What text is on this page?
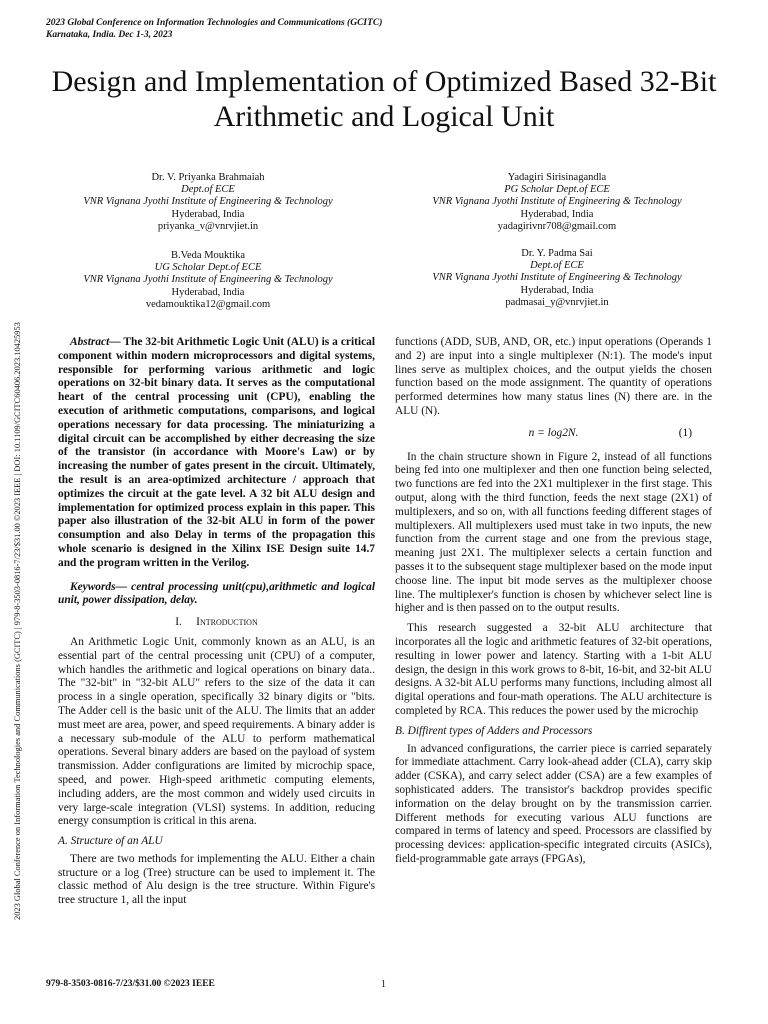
2023 Global Conference on Information Technologies and Communications (GCITC)
Karnataka, India. Dec 1-3, 2023
2023 Global Conference on Information Technologies and Communications (GCITC) | 979-8-3503-0816-7/23/$31.00 ©2023 IEEE | DOI: 10.1109/GCITC60406.2023.10425953
Design and Implementation of Optimized Based 32-Bit Arithmetic and Logical Unit
Dr. V. Priyanka Brahmaiah
Dept.of ECE
VNR Vignana Jyothi Institute of Engineering & Technology
Hyderabad, India
priyanka_v@vnrvjiet.in
Yadagiri Sirisinagandla
PG Scholar Dept.of ECE
VNR Vignana Jyothi Institute of Engineering & Technology
Hyderabad, India
yadagirivnr708@gmail.com
B.Veda Mouktika
UG Scholar Dept.of ECE
VNR Vignana Jyothi Institute of Engineering & Technology
Hyderabad, India
vedamouktika12@gmail.com
Dr. Y. Padma Sai
Dept.of ECE
VNR Vignana Jyothi Institute of Engineering & Technology
Hyderabad, India
padmasai_y@vnrvjiet.in

Abstract— The 32-bit Arithmetic Logic Unit (ALU) is a critical component within modern microprocessors and digital systems, responsible for performing various arithmetic and logic operations on 32-bit binary data. It serves as the computational heart of the central processing unit (CPU), enabling the execution of arithmetic computations, comparisons, and logical operations necessary for data processing. The miniaturizing a digital circuit can be accomplished by either decreasing the size of the transistor (in accordance with Moore's Law) or by increasing the number of gates present in the circuit. Ultimately, the result is an area-optimized architecture / approach that optimizes the circuit at the gate level. A 32 bit ALU design and implementation for optimized process explain in this paper. This paper also illustration of the 32-bit ALU in form of the power consumption and also Delay in terms of the propagation this whole scenario is designed in the Xilinx ISE Design suite 14.7 and the program written in the Verilog.

Keywords— central processing unit(cpu),arithmetic and logical unit, power dissipation, delay.

I. Introduction

An Arithmetic Logic Unit, commonly known as an ALU, is an essential part of the central processing unit (CPU) of a computer, which handles the arithmetic and logical operations on binary data.. The "32-bit" in "32-bit ALU" refers to the size of the data it can process in a single operation, specifically 32 binary digits or "bits. The Adder cell is the basic unit of the ALU. The limits that an adder must meet are area, power, and speed requirements. A binary adder is a necessary sub-module of the ALU to perform mathematical operations. Several binary adders are based on the payload of system transmission. Adder configurations are limited by microchip space, speed, and power. High-speed arithmetic computing elements, including adders, are the most common and widely used circuits in very large-scale integration (VLSI) systems. In addition, reducing energy consumption is critical in this arena.

A. Structure of an ALU

There are two methods for implementing the ALU. Either a chain structure or a log (Tree) structure can be used to implement it. The classic method of Alu design is the tree structure. Within Figure's tree structure 1, all the input

functions (ADD, SUB, AND, OR, etc.) input operations (Operands 1 and 2) are input into a single multiplexer (N:1). The mode's input lines serve as multiplex choices, and the output yields the chosen function based on the mode assignment. The quantity of operations performed determines how many status lines (N) there are. in the ALU (N).

n = log2N.	(1)

In the chain structure shown in Figure 2, instead of all functions being fed into one multiplexer and then one function being selected, two functions are fed into the 2X1 multiplexer in the first stage. This output, along with the third function, feeds the next stage (2X1) of multiplexers, and so on, with all functions feeding different stages of multiplexers. All multiplexers used must take in two inputs, the new function from the current stage and one from the previous stage, meaning just 2X1. The multiplexer selects a certain function and passes it to the subsequent stage multiplexer based on the mode input choose line. The input bit mode serves as the multiplexer choose line. The multiplexer's function is chosen by whichever select line is higher and is then passed on to the output results.

This research suggested a 32-bit ALU architecture that incorporates all the logic and arithmetic features of 32-bit operations, resulting in lower power and latency. Starting with a 1-bit ALU design, the design in this work grows to 8-bit, 16-bit, and 32-bit ALU designs. A 32-bit ALU performs many functions, including almost all digital operations and four-math operations. The ALU architecture is completed by RCA. This reduces the power used by the microchip

B. Diffirent types of Adders and Processors

In advanced configurations, the carrier piece is carried separately for immediate attachment. Carry look-ahead adder (CLA), carry skip adder (CSKA), and carry select adder (CSA) are a few examples of sophisticated adders. The transistor's backdrop provides specific information on the delay brought on by the transmission carrier. Different methods for executing various ALU functions are compared in terms of latency and speed. Processors are classified by processing devices: application-specific integrated circuits (ASICs), field-programmable gate arrays (FPGAs),

979-8-3503-0816-7/23/$31.00 ©2023 IEEE	1
